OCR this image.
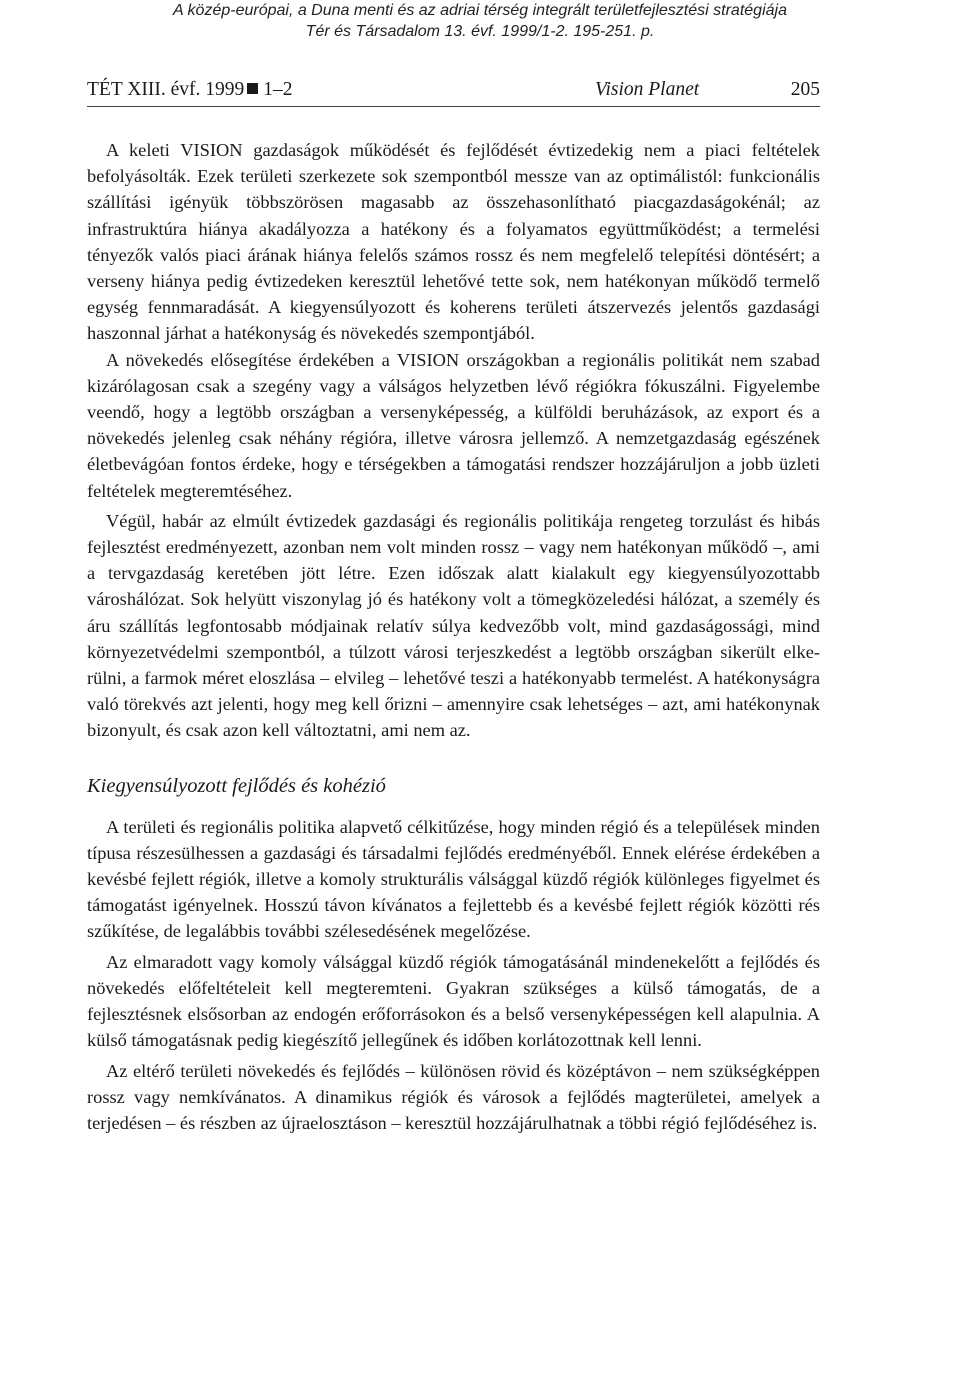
A közép-európai, a Duna menti és az adriai térség integrált területfejlesztési stratégiája
Tér és Társadalom 13. évf. 1999/1-2. 195-251. p.
TÉT XIII. évf. 1999 1–2	Vision Planet	205

A keleti VISION gazdaságok működését és fejlődését évtizedekig nem a piaci feltételek befolyásolták. Ezek területi szerkezete sok szempontból messze van az optimálistól: funkcionális szállítási igényük többszörösen magasabb az összehasonlítható piacgazdaságokénál; az infrastruktúra hiánya akadályozza a hatékony és a folyamatos együttműködést; a termelési tényezők valós piaci árának hiánya felelős számos rossz és nem megfelelő telepítési döntésért; a verseny hiánya pedig évtizedeken keresztül lehetővé tette sok, nem hatékonyan működő termelő egység fennmaradását. A kiegyensúlyozott és koherens területi átszervezés jelentős gazdasági haszonnal járhat a hatékonyság és növekedés szempontjából.

A növekedés elősegítése érdekében a VISION országokban a regionális politikát nem szabad kizárólagosan csak a szegény vagy a válságos helyzetben lévő régiókra fókuszálni. Figyelembe veendő, hogy a legtöbb országban a versenyképesség, a külföldi beruházások, az export és a növekedés jelenleg csak néhány régióra, illetve városra jellemző. A nemzetgazdaság egészének életbevágóan fontos érdeke, hogy e térségekben a támogatási rendszer hozzájáruljon a jobb üzleti feltételek megteremtéséhez.

Végül, habár az elmúlt évtizedek gazdasági és regionális politikája rengeteg torzulást és hibás fejlesztést eredményezett, azonban nem volt minden rossz – vagy nem hatékonyan működő –, ami a tervgazdaság keretében jött létre. Ezen időszak alatt kialakult egy kiegyensúlyozottabb városhálózat. Sok helyütt viszonylag jó és hatékony volt a tömegközeledési hálózat, a személy és áru szállítás legfontosabb módjainak relatív súlya kedvezőbb volt, mind gazdaságossági, mind környezetvédelmi szempontból, a túlzott városi terjeszkedést a legtöbb országban sikerült elkerülni, a farmok méret eloszlása – elvileg – lehetővé teszi a hatékonyabb termelést. A hatékonyságra való törekvés azt jelenti, hogy meg kell őrizni – amennyire csak lehetséges – azt, ami hatékonynak bizonyult, és csak azon kell változtatni, ami nem az.

Kiegyensúlyozott fejlődés és kohézió

A területi és regionális politika alapvető célkitűzése, hogy minden régió és a települések minden típusa részesülhessen a gazdasági és társadalmi fejlődés eredményéből. Ennek elérése érdekében a kevésbé fejlett régiók, illetve a komoly strukturális válsággal küzdő régiók különleges figyelmet és támogatást igényelnek. Hosszú távon kívánatos a fejlettebb és a kevésbé fejlett régiók közötti rés szűkítése, de legalábbis további szélesedésének megelőzése.

Az elmaradott vagy komoly válsággal küzdő régiók támogatásánál mindenekelőtt a fejlődés és növekedés előfeltételeit kell megteremteni. Gyakran szükséges a külső támogatás, de a fejlesztésnek elsősorban az endogén erőforrásokon és a belső versenyképességen kell alapulnia. A külső támogatásnak pedig kiegészítő jellegűnek és időben korlátozottnak kell lenni.

Az eltérő területi növekedés és fejlődés – különösen rövid és középtávon – nem szükségképpen rossz vagy nemkívánatos. A dinamikus régiók és városok a fejlődés magterületei, amelyek a terjedésen – és részben az újraelosztáson – keresztül hozzájárulhatnak a többi régió fejlődéséhez is.
